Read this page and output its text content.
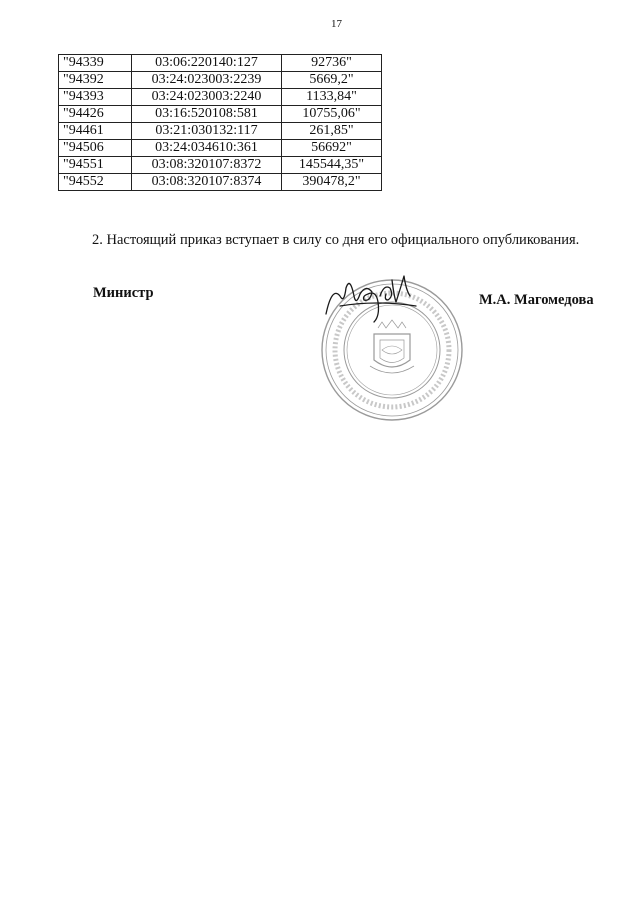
17
"94339	03:06:220140:127	92736"
"94392	03:24:023003:2239	5669,2"
"94393	03:24:023003:2240	1133,84"
"94426	03:16:520108:581	10755,06"
"94461	03:21:030132:117	261,85"
"94506	03:24:034610:361	56692"
"94551	03:08:320107:8372	145544,35"
"94552	03:08:320107:8374	390478,2"
2. Настоящий приказ вступает в силу со дня его официального опубликования.
Министр	М.А. Магомедова
